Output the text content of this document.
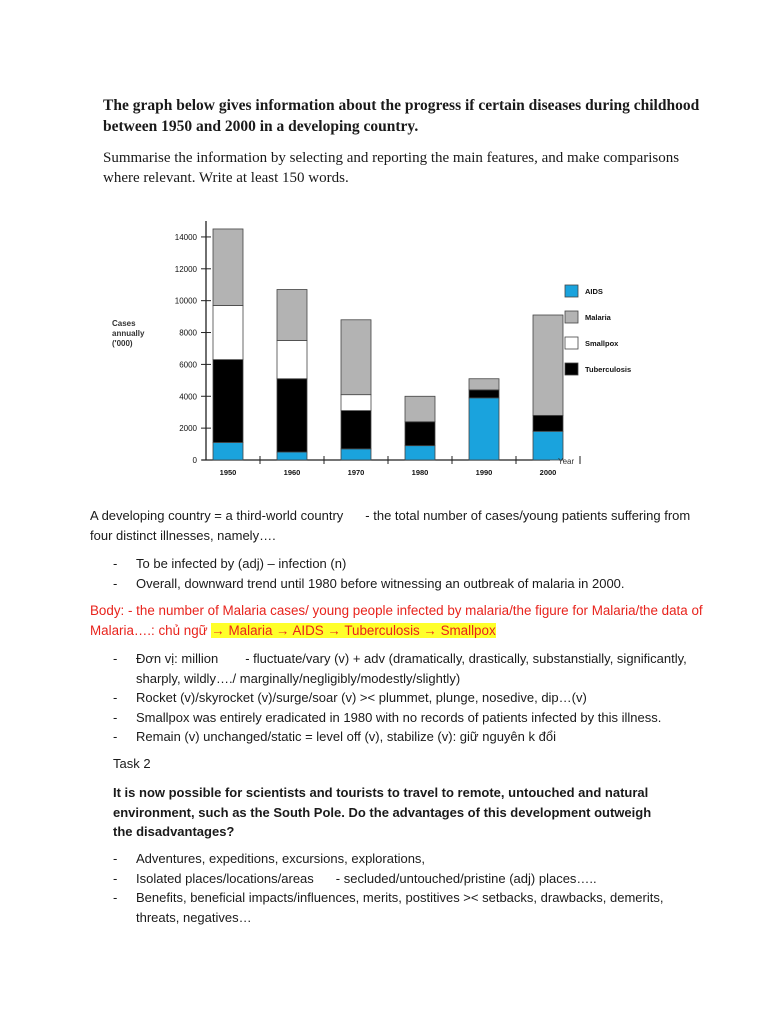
The graph below gives information about the progress if certain diseases during childhood between 1950 and 2000 in a developing country.
Summarise the information by selecting and reporting the main features, and make comparisons where relevant. Write at least 150 words.
0
2000
4000
6000
8000
10000
12000
14000
Cases annually ('000)
1950	1960	1970	1980	1990	2000
Year
AIDS
Malaria
Smallpox
Tuberculosis
A developing country = a third-world country - the total number of cases/young patients suffering from four distinct illnesses, namely….
- To be infected by (adj) – infection (n)
- Overall, downward trend until 1980 before witnessing an outbreak of malaria in 2000.
Body: - the number of Malaria cases/ young people infected by malaria/the figure for Malaria/the data of Malaria….: chủ ngữ → Malaria → AIDS → Tuberculosis → Smallpox
- Đơn vị: million - fluctuate/vary (v) + adv (dramatically, drastically, substanstially, significantly, sharply, wildly…./ marginally/negligibly/modestly/slightly)
- Rocket (v)/skyrocket (v)/surge/soar (v) >< plummet, plunge, nosedive, dip…(v)
- Smallpox was entirely eradicated in 1980 with no records of patients infected by this illness.
- Remain (v) unchanged/static = level off (v), stabilize (v): giữ nguyên k đổi
Task 2
It is now possible for scientists and tourists to travel to remote, untouched and natural environment, such as the South Pole. Do the advantages of this development outweigh the disadvantages?
- Adventures, expeditions, excursions, explorations,
- Isolated places/locations/areas - secluded/untouched/pristine (adj) places…..
- Benefits, beneficial impacts/influences, merits, postitives >< setbacks, drawbacks, demerits, threats, negatives…
